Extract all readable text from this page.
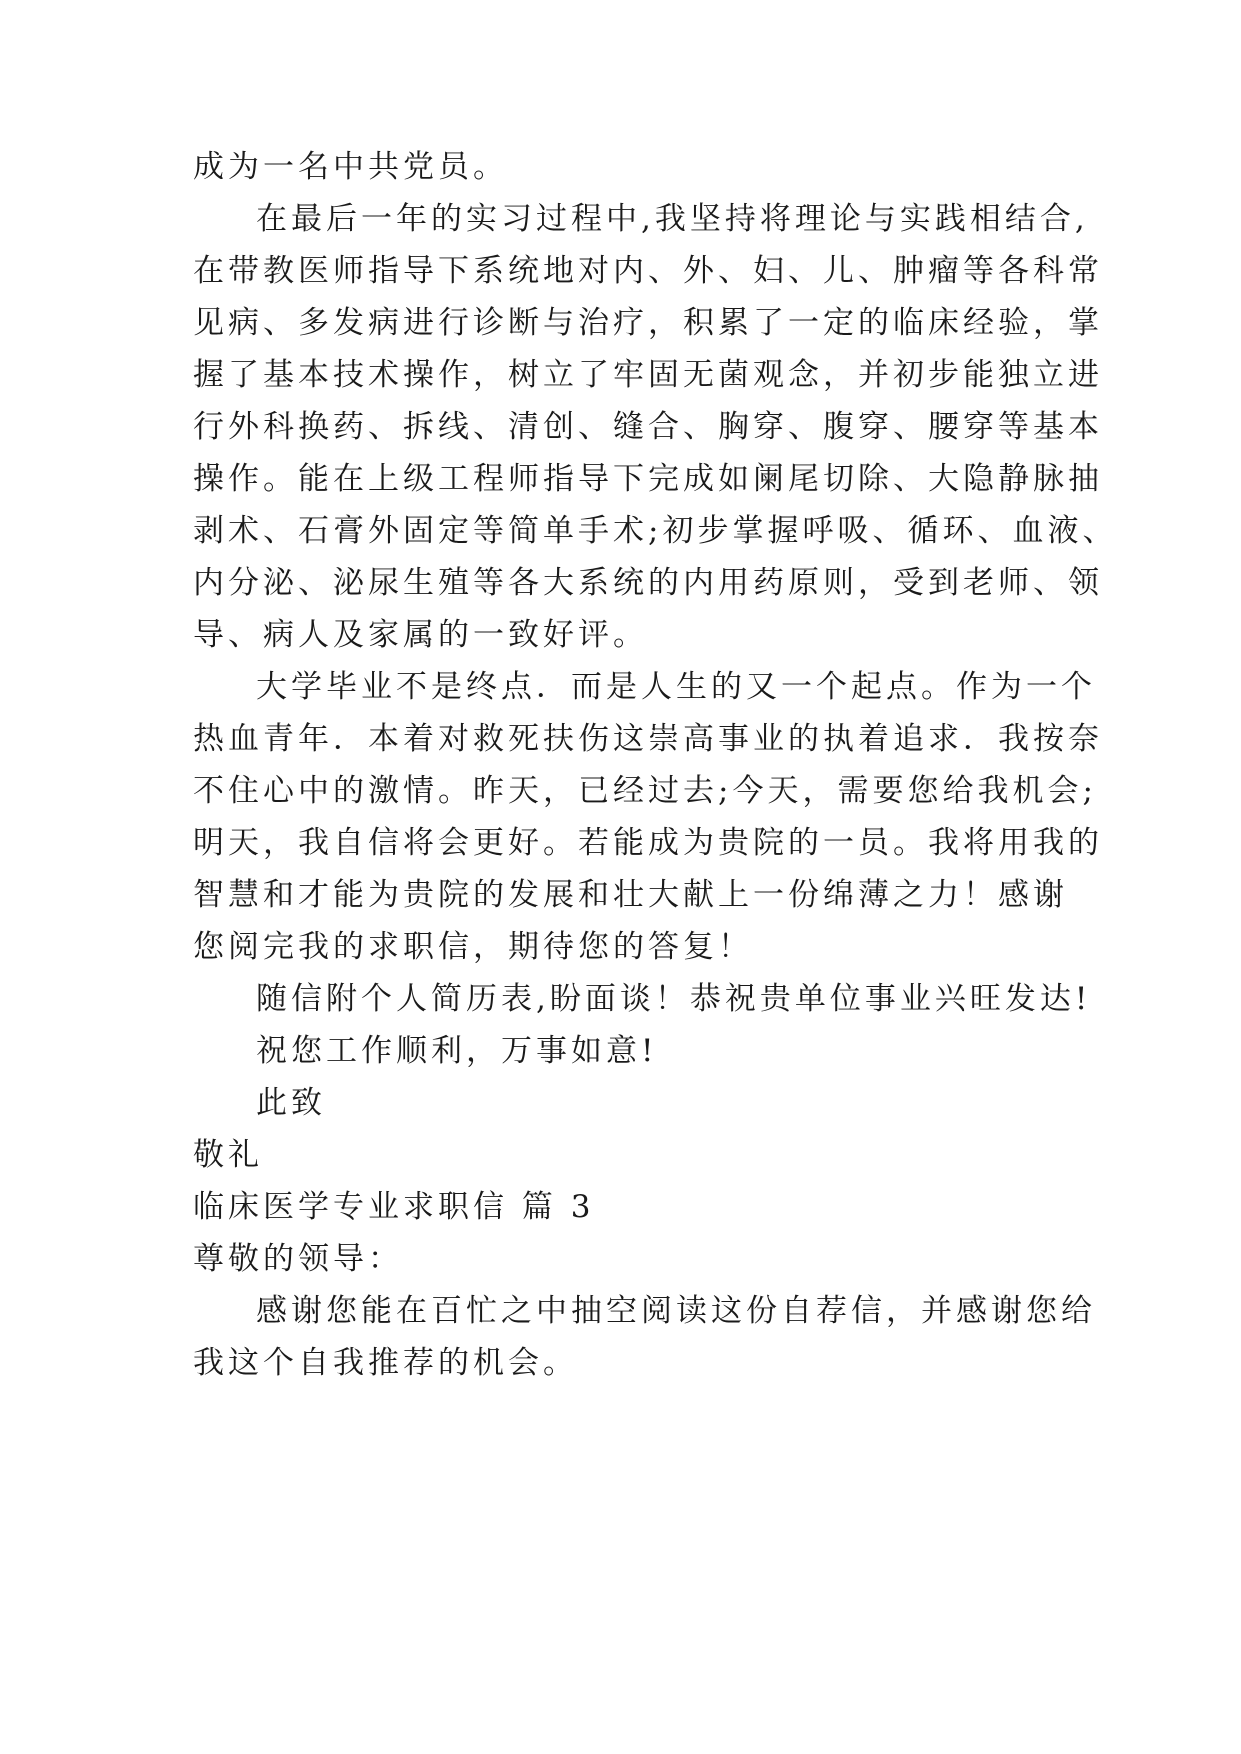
成为一名中共党员。
在最后一年的实习过程中,我坚持将理论与实践相结合,
在带教医师指导下系统地对内、外、妇、儿、肿瘤等各科常
见病、多发病进行诊断与治疗，积累了一定的临床经验，掌
握了基本技术操作，树立了牢固无菌观念，并初步能独立进
行外科换药、拆线、清创、缝合、胸穿、腹穿、腰穿等基本
操作。能在上级工程师指导下完成如阑尾切除、大隐静脉抽
剥术、石膏外固定等简单手术;初步掌握呼吸、循环、血液、
内分泌、泌尿生殖等各大系统的内用药原则，受到老师、领
导、病人及家属的一致好评。
大学毕业不是终点．而是人生的又一个起点。作为一个
热血青年．本着对救死扶伤这崇高事业的执着追求．我按奈
不住心中的激情。昨天，已经过去;今天，需要您给我机会;
明天，我自信将会更好。若能成为贵院的一员。我将用我的
智慧和才能为贵院的发展和壮大献上一份绵薄之力！感谢
您阅完我的求职信，期待您的答复！
随信附个人简历表,盼面谈！恭祝贵单位事业兴旺发达!
祝您工作顺利，万事如意!
此致
敬礼
临床医学专业求职信 篇 3
尊敬的领导：
感谢您能在百忙之中抽空阅读这份自荐信，并感谢您给
我这个自我推荐的机会。
